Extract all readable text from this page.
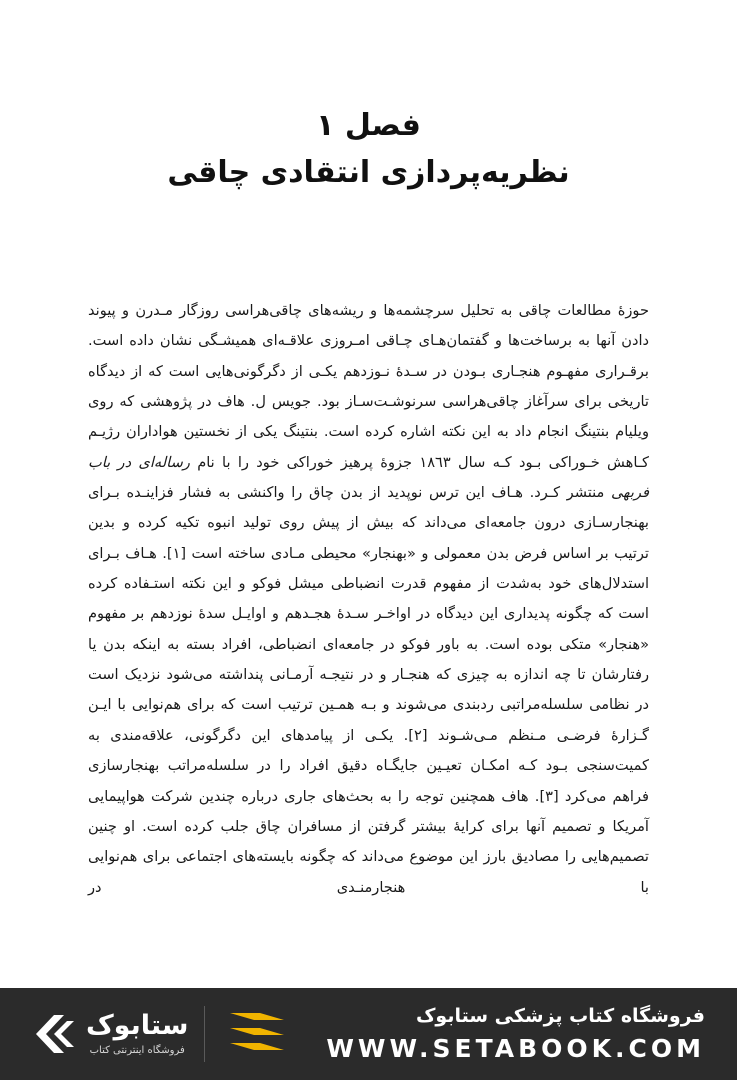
فصل ۱
نظریه‌پردازی انتقادی چاقی

حوزهٔ مطالعات چاقی به تحلیل سرچشمه‌ها و ریشه‌های چاقی‌هراسی روزگار مـدرن و پیوند دادن آنها به برساخت‌ها و گفتمان‌هـای چـاقی امـروزی علاقـه‌ای همیشـگی نشان داده است. برقـراری مفهـوم هنجـاری بـودن در سـدۀ نـوزدهم یکـی از دگرگونی‌هایی است که از دیدگاه تاریخی برای سرآغاز چاقی‌هراسی سرنوشـت‌سـاز بود. جویس ل. هاف در پژوهشی که روی ویلیام بنتینگ انجام داد به این نکته اشاره کرده است. بنتینگ یکی از نخستین هواداران رژیـم کـاهش خـوراکی بـود کـه سال ۱۸٦۳ جزوۀ پرهیز خوراکی خود را با نام رساله‌ای در باب فربهی منتشر کـرد. هـاف این ترس نوپدید از بدن چاق را واکنشی به فشار فزاینـده بـرای بهنجارسـازی درون جامعه‌ای می‌داند که بیش از پیش روی تولید انبوه تکیه کرده و بدین ترتیب بر اساس فرض بدن معمولی و «بهنجار» محیطی مـادی ساخته است [۱]. هـاف بـرای استدلال‌های خود به‌شدت از مفهوم قدرت انضباطی میشل فوکو و این نکته استـفاده کرده است که چگونه پدیداری این دیدگاه در اواخـر سـدۀ هجـدهم و اوایـل سدۀ نوزدهم بر مفهوم «هنجار» متکی بوده است. به باور فوکو در جامعه‌ای انضباطی، افراد بسته به اینکه بدن یا رفتارشان تا چه اندازه به چیزی که هنجـار و در نتیجـه آرمـانی پنداشته می‌شود نزدیک است در نظامی سلسله‌مراتبی ردبندی می‌شوند و بـه همـین ترتیب است که برای هم‌نوایی با ایـن گـزارۀ فرضـی مـنظم مـی‌شـوند [۲]. یکـی از پیامدهای این دگرگونی، علاقه‌مندی به کمیت‌سنجی بـود کـه امکـان تعیـین جایگـاه دقیق افراد را در سلسله‌مراتب بهنجارسازی فراهم می‌کرد [۳]. هاف همچنین توجه را به بحث‌های جاری درباره چندین شرکت هواپیمایی آمریکا و تصمیم آنها برای کرایۀ بیشتر گرفتن از مسافران چاق جلب کرده است. او چنین تصمیم‌هایی را مصادیق بارز این موضوع می‌داند که چگونه بایسته‌های اجتماعی برای هم‌نوایی با هنجارمنـدی در

فروشگاه کتاب پزشکی ستابوک
WWW.SETABOOK.COM
ستابوک
فروشگاه اینترنتی کتاب
